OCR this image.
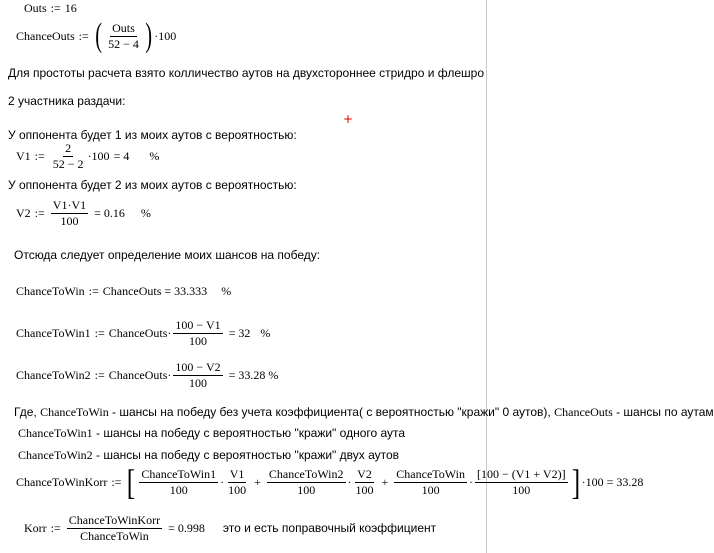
+
Outs := 16
ChanceOuts := ( $\frac{\text{Outs}}{52 - 4}$ ) ·100
Для простоты расчета взято колличество аутов на двухстороннее стридро и флешро
2 участника раздачи:
У оппонента будет 1 из моих аутов с вероятностью:
V1 := $\frac{2}{52 - 2} \cdot 100 = 4$ %
У оппонента будет 2 из моих аутов с вероятностью:
V2 := $\frac{V1\cdot V1}{100} = 0.16$ %
Отсюда следует определение моих шансов на победу:
ChanceToWin := ChanceOuts = 33.333 %
ChanceToWin1 := ChanceOuts· $\frac{100 - V1}{100} = 32$ %
ChanceToWin2 := ChanceOuts· $\frac{100 - V2}{100} = 33.28$ %
Где, ChanceToWin - шансы на победу без учета коэффициента( с вероятностью "кражи" 0 аутов), ChanceOuts - шансы по аутам
ChanceToWin1 - шансы на победу с вероятностью "кражи" одного аута
ChanceToWin2 - шансы на победу с вероятностью "кражи" двух аутов
ChanceToWinKorr := [ $\frac{\text{ChanceToWin1}}{100} \cdot \frac{V1}{100} + \frac{\text{ChanceToWin2}}{100} \cdot \frac{V2}{100} + \frac{\text{ChanceToWin}}{100} \cdot \frac{[100 - (V1 + V2)]}{100}$ ] ·100 = 33.28
Korr := $\frac{\text{ChanceToWinKorr}}{\text{ChanceToWin}} = 0.998$ это и есть поправочный коэффициент
